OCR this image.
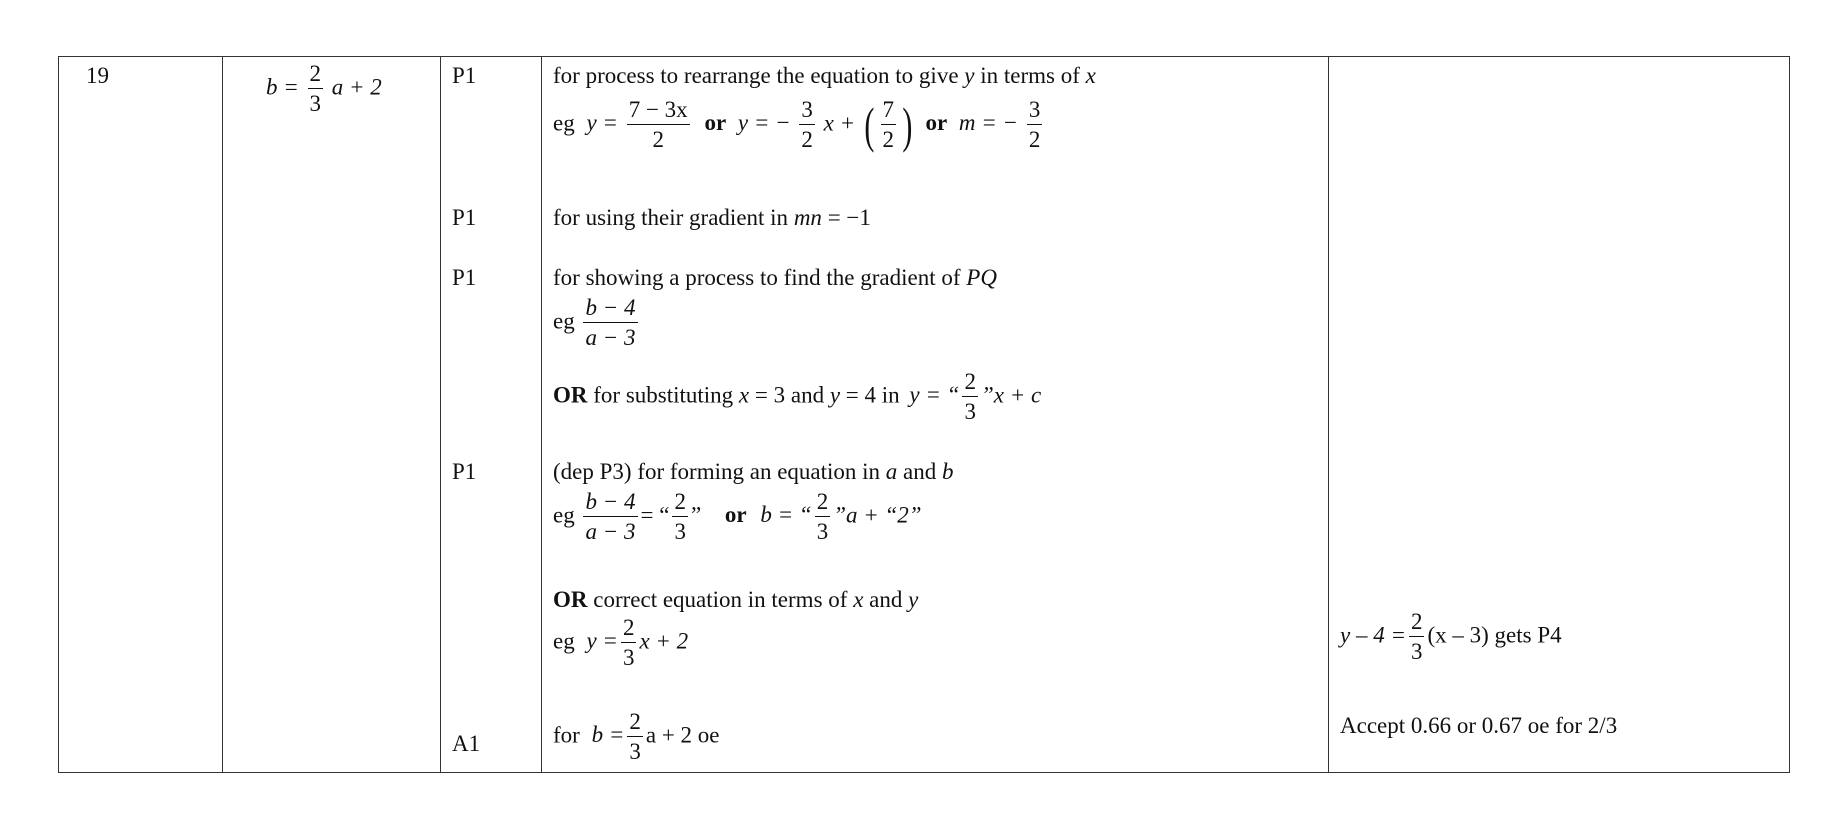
19	$b = \frac{2}{3}$ a + 2	P1
P1
P1
P1
A1
for process to rearrange the equation to give y in terms of x
eg $y = \frac{7 - 3x}{2}$ or y = − $\frac{3}{2}$ x + ( $\frac{7}{2}$ ) or m = − $\frac{3}{2}$
for using their gradient in mn = −1
for showing a process to find the gradient of PQ
eg $\frac{b - 4}{a - 3}$
OR for substituting x = 3 and y = 4 in y = “ $\frac{2}{3}$ ”x + c
(dep P3) for forming an equation in a and b
eg $\frac{b - 4}{a - 3}$ = “ $\frac{2}{3}$ ” or b = “ $\frac{2}{3}$ ”a + “2”
OR correct equation in terms of x and y
eg $y = \frac{2}{3}$ x + 2
for $b = \frac{2}{3}$ a + 2 oe
$y - 4 = \frac{2}{3} (x - 3)$ gets P4
Accept 0.66 or 0.67 oe for 2/3
